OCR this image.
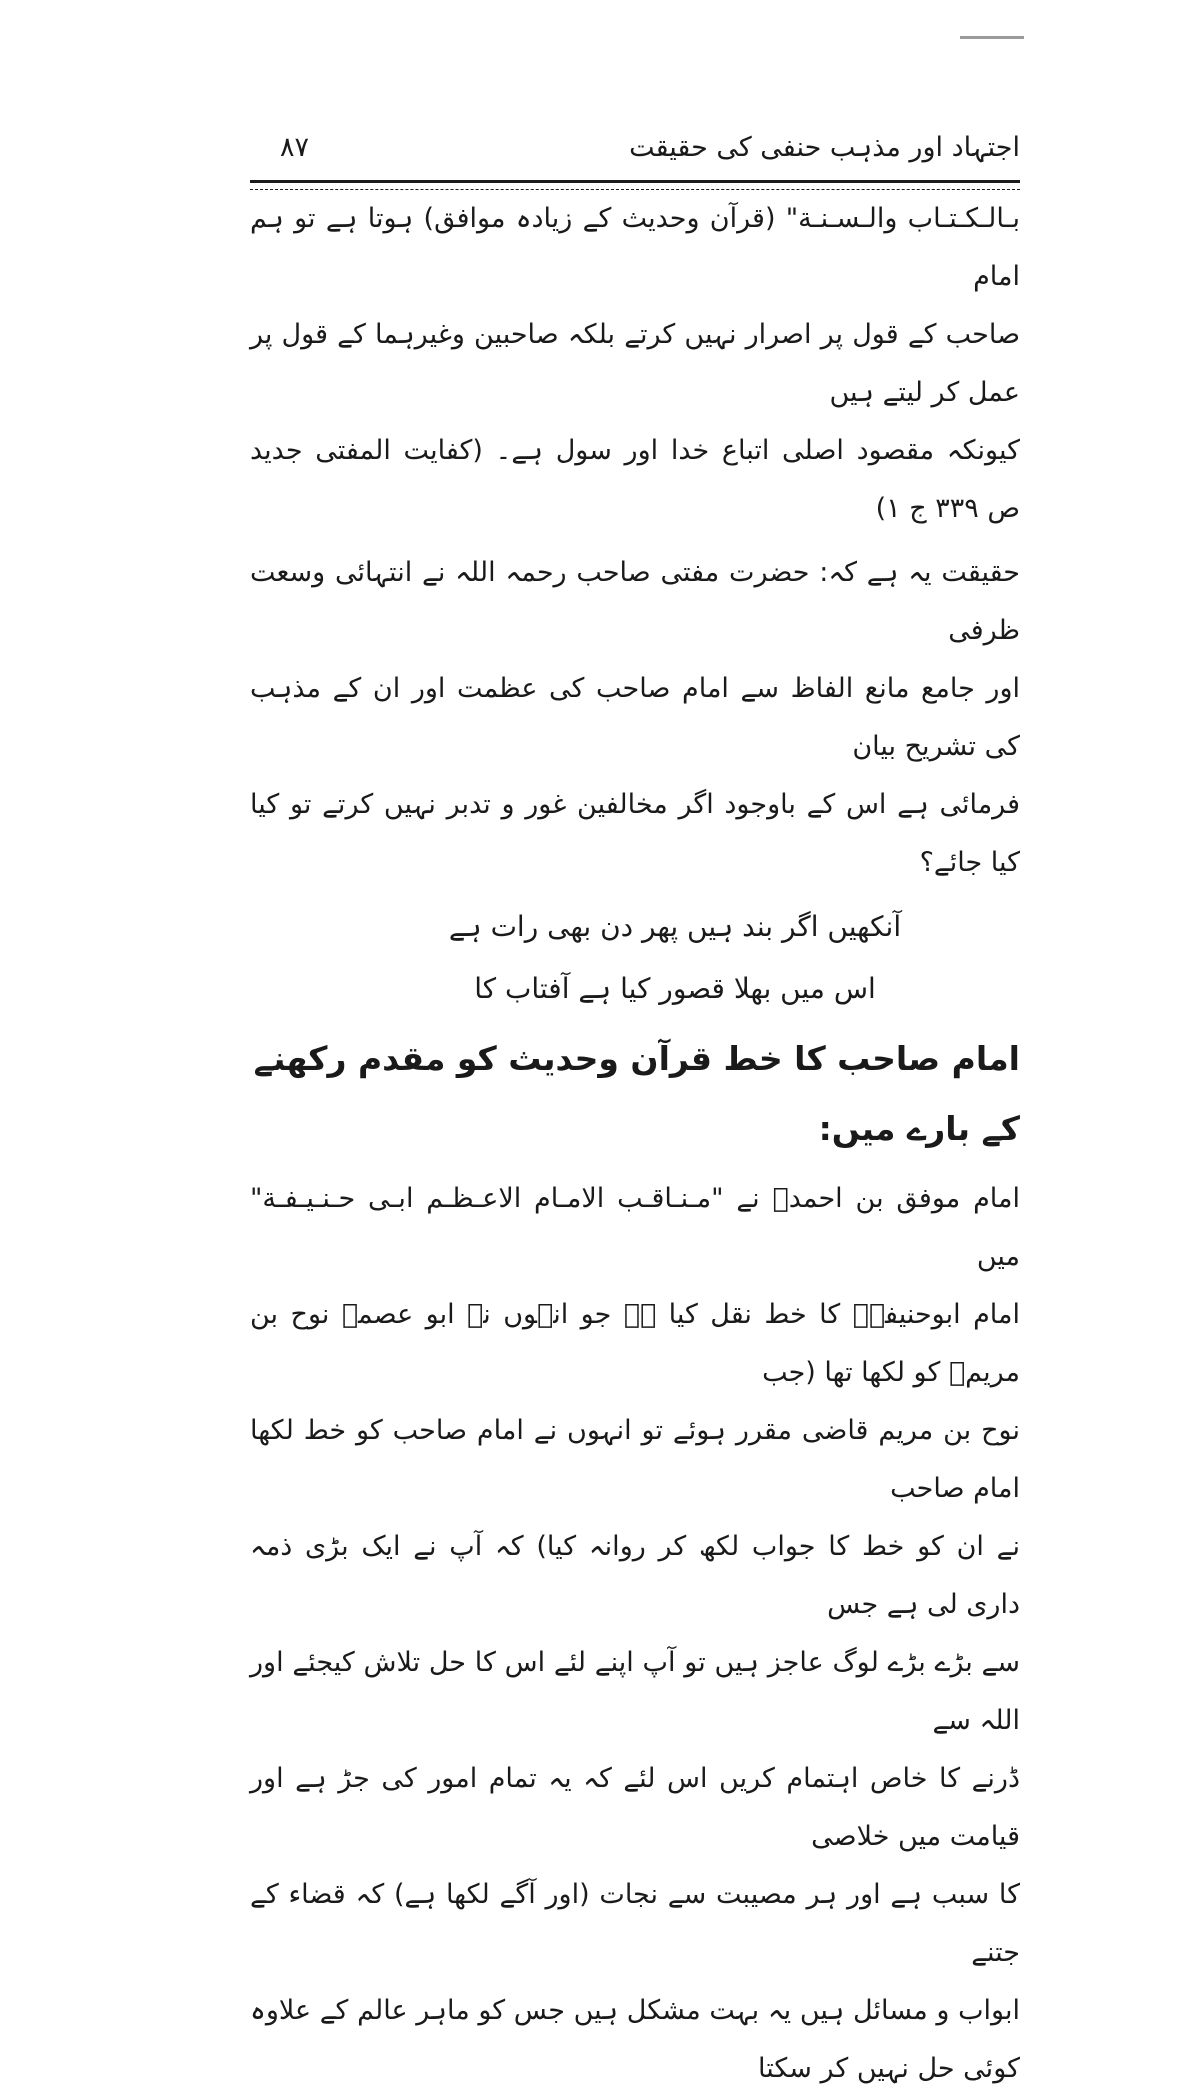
اجتہاد اور مذہب حنفی کی حقیقت
۸۷

بـالـكـتـاب والـسـنـة" (قرآن وحدیث کے زیادہ موافق) ہوتا ہے تو ہم امام

صاحب کے قول پر اصرار نہیں کرتے بلکہ صاحبین وغیرہما کے قول پر عمل کر لیتے ہیں

کیونکہ مقصود اصلی اتباع خدا اور سول ہے۔ (کفایت المفتی جدید ص ۳۳۹ ج ۱)

حقیقت یہ ہے کہ: حضرت مفتی صاحب رحمہ اللہ نے انتہائی وسعت ظرفی

اور جامع مانع الفاظ سے امام صاحب کی عظمت اور ان کے مذہب کی تشریح بیان

فرمائی ہے اس کے باوجود اگر مخالفین غور و تدبر نہیں کرتے تو کیا کیا جائے؟

آنکھیں اگر بند ہیں پھر دن بھی رات ہے
اس میں بھلا قصور کیا ہے آفتاب کا
امام صاحب کا خط قرآن وحدیث کو مقدم رکھنے کے بارے میں:

امام موفق بن احمدؒ نے "مـنـاقـب الامـام الاعـظـم ابـی حـنـيـفـة" میں

امام ابوحنیفہؒ کا خط نقل کیا ہے جو انہوں نے ابو عصمہ نوح بن مریمؒ کو لکھا تھا (جب

نوح بن مریم قاضی مقرر ہوئے تو انہوں نے امام صاحب کو خط لکھا امام صاحب

نے ان کو خط کا جواب لکھ کر روانہ کیا) کہ آپ نے ایک بڑی ذمہ داری لی ہے جس

سے بڑے بڑے لوگ عاجز ہیں تو آپ اپنے لئے اس کا حل تلاش کیجئے اور اللہ سے

ڈرنے کا خاص اہتمام کریں اس لئے کہ یہ تمام امور کی جڑ ہے اور قیامت میں خلاصی

کا سبب ہے اور ہر مصیبت سے نجات (اور آگے لکھا ہے) کہ قضاء کے جتنے

ابواب و مسائل ہیں یہ بہت مشکل ہیں جس کو ماہر عالم کے علاوہ کوئی حل نہیں کر سکتا
